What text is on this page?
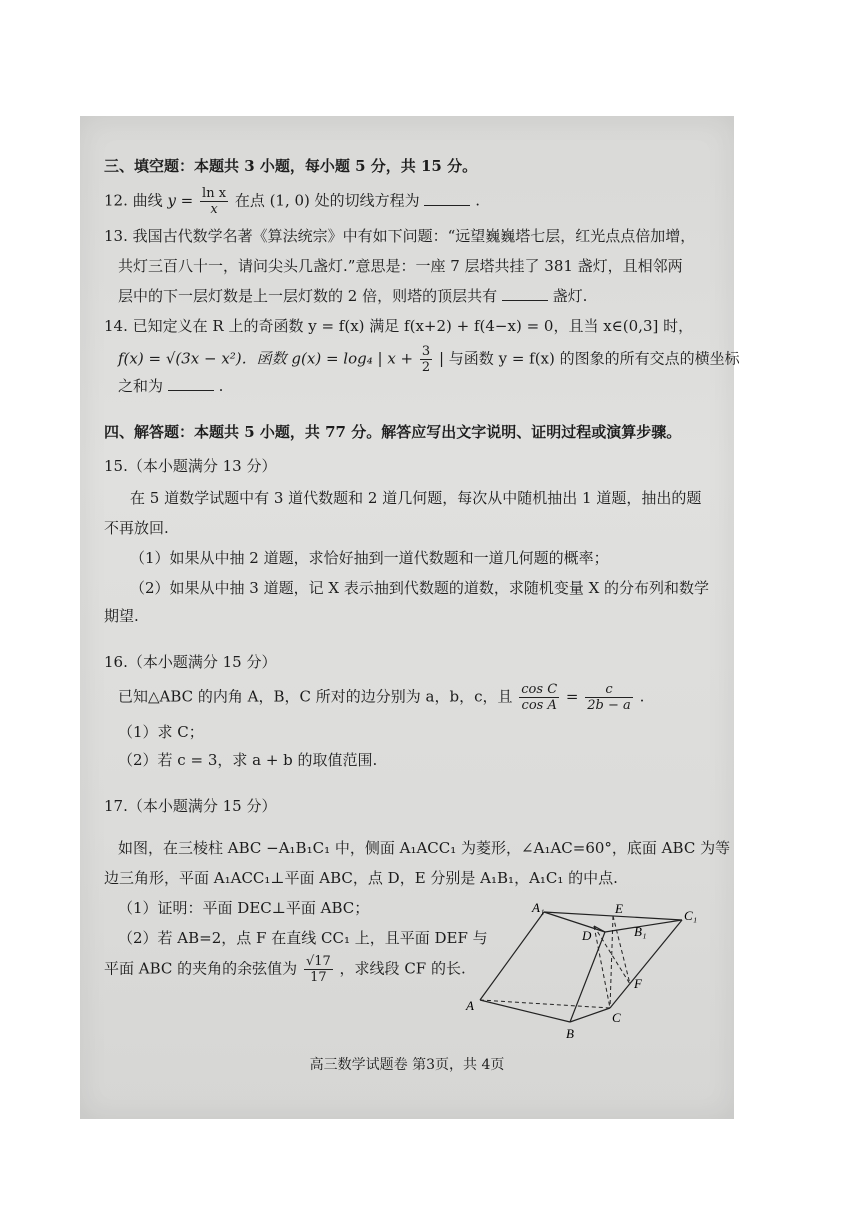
三、填空题：本题共 3 小题，每小题 5 分，共 15 分。
12. 曲线 $y = \frac{\text{ln x}}{x}$ 在点 (1, 0) 处的切线方程为	.
13. 我国古代数学名著《算法统宗》中有如下问题：“远望巍巍塔七层，红光点点倍加增，
共灯三百八十一，请问尖头几盏灯.”意思是：一座 7 层塔共挂了 381 盏灯，且相邻两
层中的下一层灯数是上一层灯数的 2 倍，则塔的顶层共有	盏灯.
14. 已知定义在 R 上的奇函数 y = f(x) 满足 f(x+2) + f(4−x) = 0，且当 x∈(0,3] 时，
f(x) = √(3x − x²)．函数 g(x) = log₄ | $x + \frac{3}{2}$ | 与函数 y = f(x) 的图象的所有交点的横坐标
之和为	.
四、解答题：本题共 5 小题，共 77 分。解答应写出文字说明、证明过程或演算步骤。
15.（本小题满分 13 分）
在 5 道数学试题中有 3 道代数题和 2 道几何题，每次从中随机抽出 1 道题，抽出的题
不再放回.
（1）如果从中抽 2 道题，求恰好抽到一道代数题和一道几何题的概率；
（2）如果从中抽 3 道题，记 X 表示抽到代数题的道数，求随机变量 X 的分布列和数学
期望.
16.（本小题满分 15 分）
已知△ABC 的内角 A，B，C 所对的边分别为 a，b，c，且 $\frac{\text{cos C}}{\text{cos A}} = \frac{c}{2b - a}$ .
（1）求 C；
（2）若 c = 3，求 a + b 的取值范围.
17.（本小题满分 15 分）
如图，在三棱柱 ABC −A₁B₁C₁ 中，侧面 A₁ACC₁ 为菱形，∠A₁AC=60°，底面 ABC 为等
边三角形，平面 A₁ACC₁⊥平面 ABC，点 D，E 分别是 A₁B₁，A₁C₁ 的中点.
（1）证明：平面 DEC⊥平面 ABC；
（2）若 AB=2，点 F 在直线 CC₁ 上，且平面 DEF 与
平面 ABC 的夹角的余弦值为 $\frac{√17}{17}$ ，求线段 CF 的长.
高三数学试题卷 第3页，共 4页
A₁	E	C₁
D	B₁
F
C
A
B
